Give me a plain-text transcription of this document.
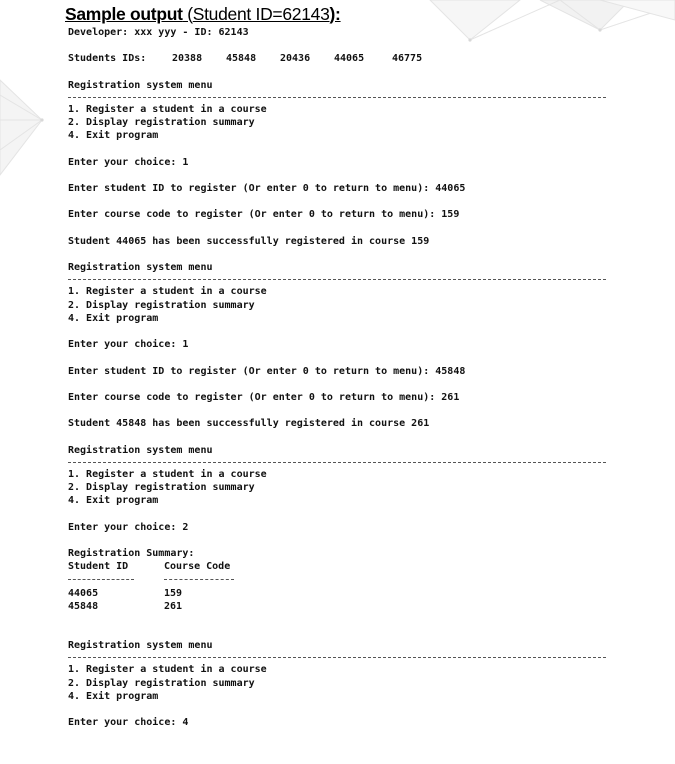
Sample output (Student ID=62143):
Developer: xxx yyy - ID: 62143
Students IDs:	20388 45848 20436 44065	46775
Registration system menu
1. Register a student in a course
2. Display registration summary
4. Exit program
Enter your choice: 1
Enter student ID to register (Or enter 0 to return to menu): 44065
Enter course code to register (Or enter 0 to return to menu): 159
Student 44065 has been successfully registered in course 159
Registration system menu
1. Register a student in a course
2. Display registration summary
4. Exit program
Enter your choice: 1
Enter student ID to register (Or enter 0 to return to menu): 45848
Enter course code to register (Or enter 0 to return to menu): 261
Student 45848 has been successfully registered in course 261
Registration system menu
1. Register a student in a course
2. Display registration summary
4. Exit program
Enter your choice: 2
Registration Summary:
Student ID	Course Code
44065	159
45848	261
Registration system menu
1. Register a student in a course
2. Display registration summary
4. Exit program
Enter your choice: 4
